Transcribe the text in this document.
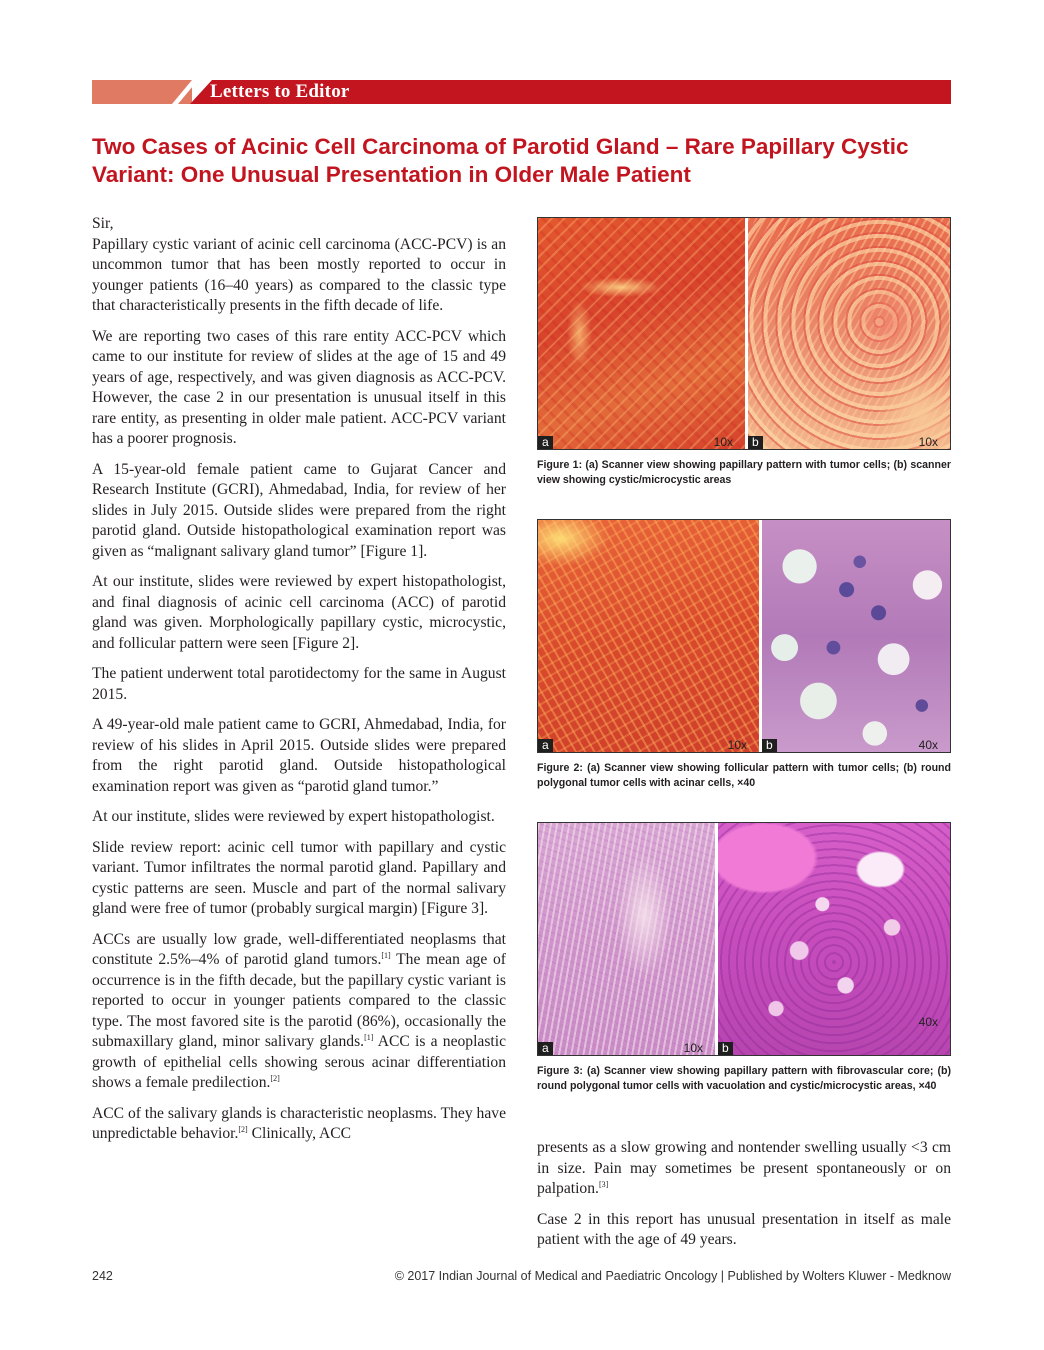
Letters to Editor
Two Cases of Acinic Cell Carcinoma of Parotid Gland – Rare Papillary Cystic Variant: One Unusual Presentation in Older Male Patient

Sir,

Papillary cystic variant of acinic cell carcinoma (ACC-PCV) is an uncommon tumor that has been mostly reported to occur in younger patients (16–40 years) as compared to the classic type that characteristically presents in the fifth decade of life.

We are reporting two cases of this rare entity ACC-PCV which came to our institute for review of slides at the age of 15 and 49 years of age, respectively, and was given diagnosis as ACC-PCV. However, the case 2 in our presentation is unusual itself in this rare entity, as presenting in older male patient. ACC-PCV variant has a poorer prognosis.

A 15-year-old female patient came to Gujarat Cancer and Research Institute (GCRI), Ahmedabad, India, for review of her slides in July 2015. Outside slides were prepared from the right parotid gland. Outside histopathological examination report was given as “malignant salivary gland tumor” [Figure 1].

At our institute, slides were reviewed by expert histopathologist, and final diagnosis of acinic cell carcinoma (ACC) of parotid gland was given. Morphologically papillary cystic, microcystic, and follicular pattern were seen [Figure 2].

The patient underwent total parotidectomy for the same in August 2015.

A 49-year-old male patient came to GCRI, Ahmedabad, India, for review of his slides in April 2015. Outside slides were prepared from the right parotid gland. Outside histopathological examination report was given as “parotid gland tumor.”

At our institute, slides were reviewed by expert histopathologist.

Slide review report: acinic cell tumor with papillary and cystic variant. Tumor infiltrates the normal parotid gland. Papillary and cystic patterns are seen. Muscle and part of the normal salivary gland were free of tumor (probably surgical margin) [Figure 3].

ACCs are usually low grade, well-differentiated neoplasms that constitute 2.5%–4% of parotid gland tumors.[1] The mean age of occurrence is in the fifth decade, but the papillary cystic variant is reported to occur in younger patients compared to the classic type. The most favored site is the parotid (86%), occasionally the submaxillary gland, minor salivary glands.[1] ACC is a neoplastic growth of epithelial cells showing serous acinar differentiation shows a female predilection.[2]

ACC of the salivary glands is characteristic neoplasms. They have unpredictable behavior.[2] Clinically, ACC

a	10x	b	10x
Figure 1: (a) Scanner view showing papillary pattern with tumor cells; (b) scanner view showing cystic/microcystic areas
a	10x	b	40x
Figure 2: (a) Scanner view showing follicular pattern with tumor cells; (b) round polygonal tumor cells with acinar cells, ×40
a	10x	b
40x
Figure 3: (a) Scanner view showing papillary pattern with fibrovascular core; (b) round polygonal tumor cells with vacuolation and cystic/microcystic areas, ×40

presents as a slow growing and nontender swelling usually <3 cm in size. Pain may sometimes be present spontaneously or on palpation.[3]

Case 2 in this report has unusual presentation in itself as male patient with the age of 49 years.

242	© 2017 Indian Journal of Medical and Paediatric Oncology | Published by Wolters Kluwer - Medknow
